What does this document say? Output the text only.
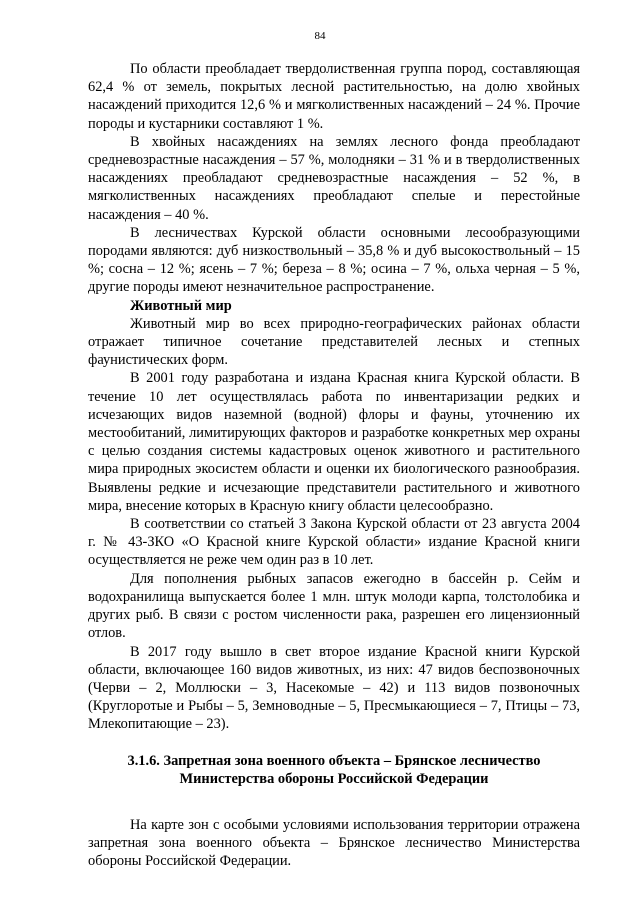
84

По области преобладает твердолиственная группа пород, составляющая 62,4 % от земель, покрытых лесной растительностью, на долю хвойных насаждений приходится 12,6 % и мягколиственных насаждений – 24 %. Прочие породы и кустарники составляют 1 %.

В хвойных насаждениях на землях лесного фонда преобладают средневозрастные насаждения – 57 %, молодняки – 31 % и в твердолиственных насаждениях преобладают средневозрастные насаждения – 52 %, в мягколиственных насаждениях преобладают спелые и перестойные насаждения – 40 %.

В лесничествах Курской области основными лесообразующими породами являются: дуб низкоствольный – 35,8 % и дуб высокоствольный – 15 %; сосна – 12 %; ясень – 7 %; береза – 8 %; осина – 7 %, ольха черная – 5 %, другие породы имеют незначительное распространение.

Животный мир

Животный мир во всех природно-географических районах области отражает типичное сочетание представителей лесных и степных фаунистических форм.

В 2001 году разработана и издана Красная книга Курской области. В течение 10 лет осуществлялась работа по инвентаризации редких и исчезающих видов наземной (водной) флоры и фауны, уточнению их местообитаний, лимитирующих факторов и разработке конкретных мер охраны с целью создания системы кадастровых оценок животного и растительного мира природных экосистем области и оценки их биологического разнообразия. Выявлены редкие и исчезающие представители растительного и животного мира, внесение которых в Красную книгу области целесообразно.

В соответствии со статьей 3 Закона Курской области от 23 августа 2004 г. № 43-ЗКО «О Красной книге Курской области» издание Красной книги осуществляется не реже чем один раз в 10 лет.

Для пополнения рыбных запасов ежегодно в бассейн р. Сейм и водохранилища выпускается более 1 млн. штук молоди карпа, толстолобика и других рыб. В связи с ростом численности рака, разрешен его лицензионный отлов.

В 2017 году вышло в свет второе издание Красной книги Курской области, включающее 160 видов животных, из них: 47 видов беспозвоночных (Черви – 2, Моллюски – 3, Насекомые – 42) и 113 видов позвоночных (Круглоротые и Рыбы – 5, Земноводные – 5, Пресмыкающиеся – 7, Птицы – 73, Млекопитающие – 23).

3.1.6. Запретная зона военного объекта – Брянское лесничество
Министерства обороны Российской Федерации

На карте зон с особыми условиями использования территории отражена запретная зона военного объекта – Брянское лесничество Министерства обороны Российской Федерации.
